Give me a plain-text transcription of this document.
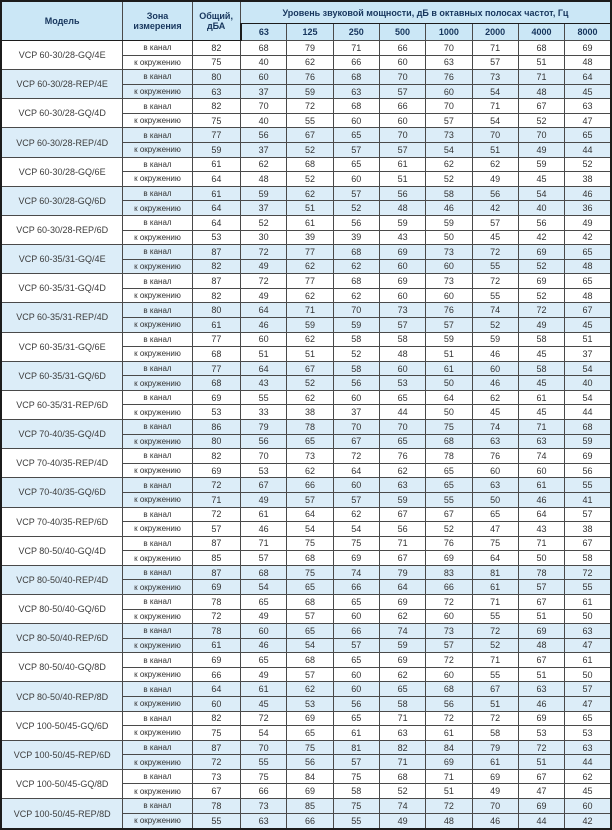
Модель	Зона измерения	Общий, дБА	Уровень звуковой мощности, дБ в октавных полосах частот, Гц							
			63	125	250	500	1000	2000	4000	8000
VCP 60-30/28-GQ/4E	в канал	82	68	79	71	66	70	71	68	69
	к окружению	75	40	62	66	60	63	57	51	48
VCP 60-30/28-REP/4E	в канал	80	60	76	68	70	76	73	71	64
	к окружению	63	37	59	63	57	60	54	48	45
VCP 60-30/28-GQ/4D	в канал	82	70	72	68	66	70	71	67	63
	к окружению	75	40	55	60	60	57	54	52	47
VCP 60-30/28-REP/4D	в канал	77	56	67	65	70	73	70	70	65
	к окружению	59	37	52	57	57	54	51	49	44
VCP 60-30/28-GQ/6E	в канал	61	62	68	65	61	62	62	59	52
	к окружению	64	48	52	60	51	52	49	45	38
VCP 60-30/28-GQ/6D	в канал	61	59	62	57	56	58	56	54	46
	к окружению	64	37	51	52	48	46	42	40	36
VCP 60-30/28-REP/6D	в канал	64	52	61	56	59	59	57	56	49
	к окружению	53	30	39	39	43	50	45	42	42
VCP 60-35/31-GQ/4E	в канал	87	72	77	68	69	73	72	69	65
	к окружению	82	49	62	62	60	60	55	52	48
VCP 60-35/31-GQ/4D	в канал	87	72	77	68	69	73	72	69	65
	к окружению	82	49	62	62	60	60	55	52	48
VCP 60-35/31-REP/4D	в канал	80	64	71	70	73	76	74	72	67
	к окружению	61	46	59	59	57	57	52	49	45
VCP 60-35/31-GQ/6E	в канал	77	60	62	58	58	59	59	58	51
	к окружению	68	51	51	52	48	51	46	45	37
VCP 60-35/31-GQ/6D	в канал	77	64	67	58	60	61	60	58	54
	к окружению	68	43	52	56	53	50	46	45	40
VCP 60-35/31-REP/6D	в канал	69	55	62	60	65	64	62	61	54
	к окружению	53	33	38	37	44	50	45	45	44
VCP 70-40/35-GQ/4D	в канал	86	79	78	70	70	75	74	71	68
	к окружению	80	56	65	67	65	68	63	63	59
VCP 70-40/35-REP/4D	в канал	82	70	73	72	76	78	76	74	69
	к окружению	69	53	62	64	62	65	60	60	56
VCP 70-40/35-GQ/6D	в канал	72	67	66	60	63	65	63	61	55
	к окружению	71	49	57	57	59	55	50	46	41
VCP 70-40/35-REP/6D	в канал	72	61	64	62	67	67	65	64	57
	к окружению	57	46	54	54	56	52	47	43	38
VCP 80-50/40-GQ/4D	в канал	87	71	75	75	71	76	75	71	67
	к окружению	85	57	68	69	67	69	64	50	58
VCP 80-50/40-REP/4D	в канал	87	68	75	74	79	83	81	78	72
	к окружению	69	54	65	66	64	66	61	57	55
VCP 80-50/40-GQ/6D	в канал	78	65	68	65	69	72	71	67	61
	к окружению	72	49	57	60	62	60	55	51	50
VCP 80-50/40-REP/6D	в канал	78	60	65	66	74	73	72	69	63
	к окружению	61	46	54	57	59	57	52	48	47
VCP 80-50/40-GQ/8D	в канал	69	65	68	65	69	72	71	67	61
	к окружению	66	49	57	60	62	60	55	51	50
VCP 80-50/40-REP/8D	в канал	64	61	62	60	65	68	67	63	57
	к окружению	60	45	53	56	58	56	51	46	47
VCP 100-50/45-GQ/6D	в канал	82	72	69	65	71	72	72	69	65
	к окружению	75	54	65	61	63	61	58	53	53
VCP 100-50/45-REP/6D	в канал	87	70	75	81	82	84	79	72	63
	к окружению	72	55	56	57	71	69	61	51	44
VCP 100-50/45-GQ/8D	в канал	73	75	84	75	68	71	69	67	62
	к окружению	67	66	69	58	52	51	49	47	45
VCP 100-50/45-REP/8D	в канал	78	73	85	75	74	72	70	69	60
	к окружению	55	63	66	55	49	48	46	44	42
